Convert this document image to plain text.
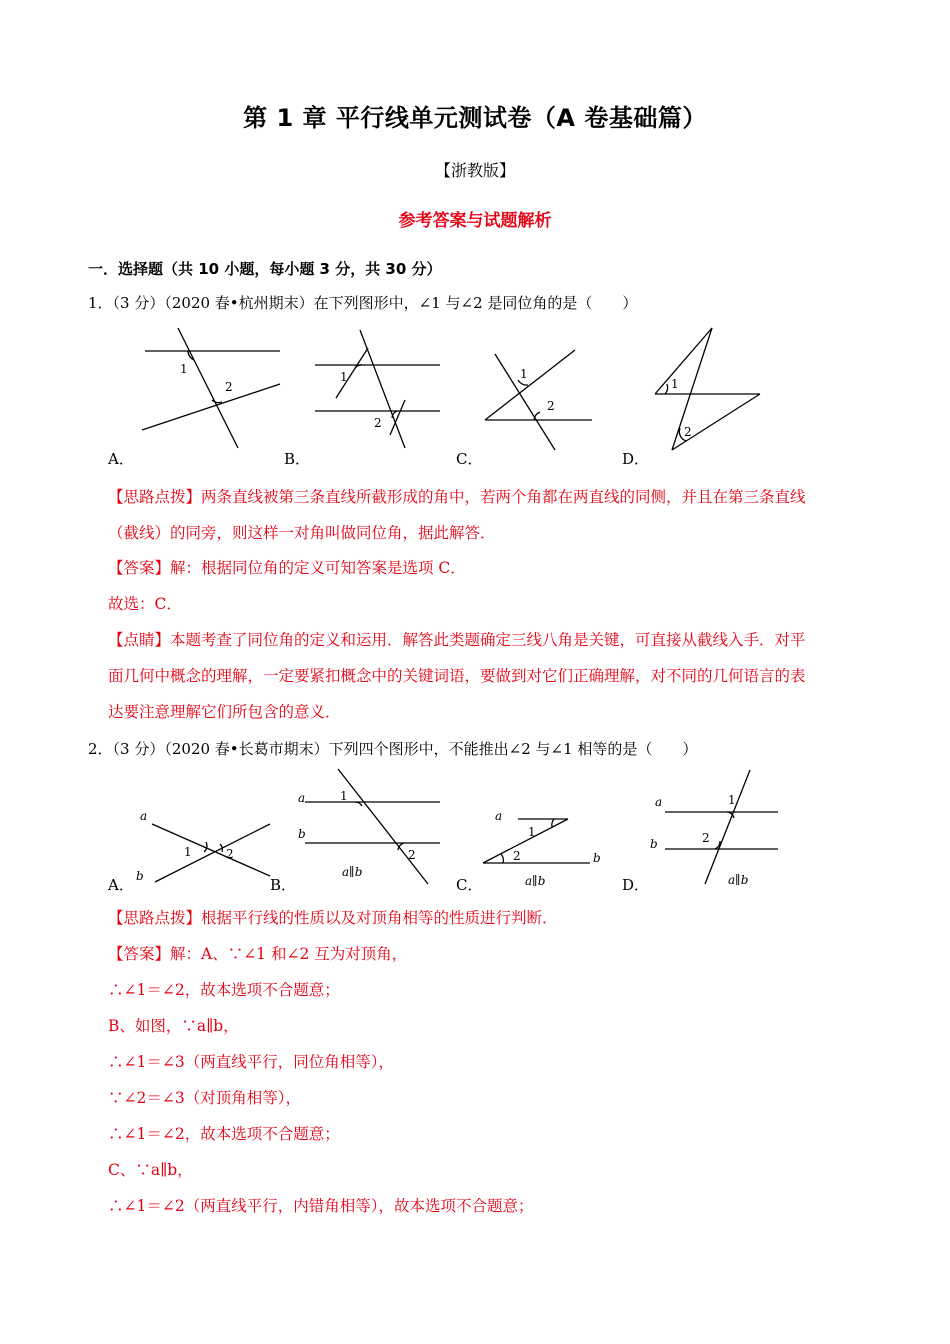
第 1 章 平行线单元测试卷（A 卷基础篇）
【浙教版】
参考答案与试题解析
一．选择题（共 10 小题，每小题 3 分，共 30 分）
1．（3 分）（2020 春•杭州期末）在下列图形中，∠1 与∠2 是同位角的是（　　）
1
2
1
2
1
2
1
2
A．	B．	C．	D．
【思路点拨】两条直线被第三条直线所截形成的角中，若两个角都在两直线的同侧，并且在第三条直线
（截线）的同旁，则这样一对角叫做同位角，据此解答．
【答案】解：根据同位角的定义可知答案是选项 C．
故选：C．
【点睛】本题考查了同位角的定义和运用．解答此类题确定三线八角是关键，可直接从截线入手．对平
面几何中概念的理解，一定要紧扣概念中的关键词语，要做到对它们正确理解，对不同的几何语言的表
达要注意理解它们所包含的意义．
2．（3 分）（2020 春•长葛市期末）下列四个图形中，不能推出∠2 与∠1 相等的是（　　）
a
b
1	2
a
b
1
2
a∥b
a
b
1
2
a∥b
a
b
1
2
a∥b
A．	B．	C．	D．
【思路点拨】根据平行线的性质以及对顶角相等的性质进行判断．
【答案】解：A、∵∠1 和∠2 互为对顶角，
∴∠1＝∠2，故本选项不合题意；
B、如图，∵a∥b，
∴∠1＝∠3（两直线平行，同位角相等），
∵∠2＝∠3（对顶角相等），
∴∠1＝∠2，故本选项不合题意；
C、∵a∥b，
∴∠1＝∠2（两直线平行，内错角相等），故本选项不合题意；
